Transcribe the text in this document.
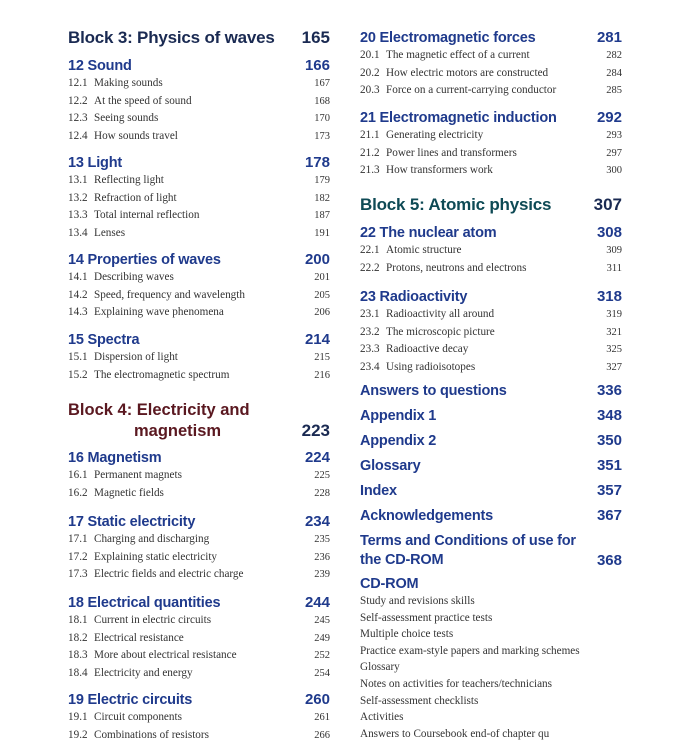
Block 3: Physics of waves 165
12 Sound	166
12.1 Making sounds	167
12.2 At the speed of sound	168
12.3 Seeing sounds	170
12.4 How sounds travel	173
13 Light	178
13.1 Reflecting light	179
13.2 Refraction of light	182
13.3 Total internal reflection	187
13.4 Lenses	191
14 Properties of waves	200
14.1 Describing waves	201
14.2 Speed, frequency and wavelength	205
14.3 Explaining wave phenomena	206
15 Spectra	214
15.1 Dispersion of light	215
15.2 The electromagnetic spectrum	216
Block 4: Electricity and
magnetism	223
16 Magnetism	224
16.1 Permanent magnets	225
16.2 Magnetic fields	228
17 Static electricity	234
17.1 Charging and discharging	235
17.2 Explaining static electricity	236
17.3 Electric fields and electric charge	239
18 Electrical quantities	244
18.1 Current in electric circuits	245
18.2 Electrical resistance	249
18.3 More about electrical resistance	252
18.4 Electricity and energy	254
19 Electric circuits	260
19.1 Circuit components	261
19.2 Combinations of resistors	266
20 Electromagnetic forces	281
20.1 The magnetic effect of a current	282
20.2 How electric motors are constructed	284
20.3 Force on a current-carrying conductor	285
21 Electromagnetic induction	292
21.1 Generating electricity	293
21.2 Power lines and transformers	297
21.3 How transformers work	300
Block 5: Atomic physics 307
22 The nuclear atom	308
22.1 Atomic structure	309
22.2 Protons, neutrons and electrons	311
23 Radioactivity	318
23.1 Radioactivity all around	319
23.2 The microscopic picture	321
23.3 Radioactive decay	325
23.4 Using radioisotopes	327
Answers to questions	336
Appendix 1	348
Appendix 2	350
Glossary	351
Index	357
Acknowledgements	367
Terms and Conditions of use for
the CD-ROM	368
CD-ROM
Study and revisions skills
Self-assessment practice tests
Multiple choice tests
Practice exam-style papers and marking schemes
Glossary
Notes on activities for teachers/technicians
Self-assessment checklists
Activities
Answers to Coursebook end-of chapter qu
